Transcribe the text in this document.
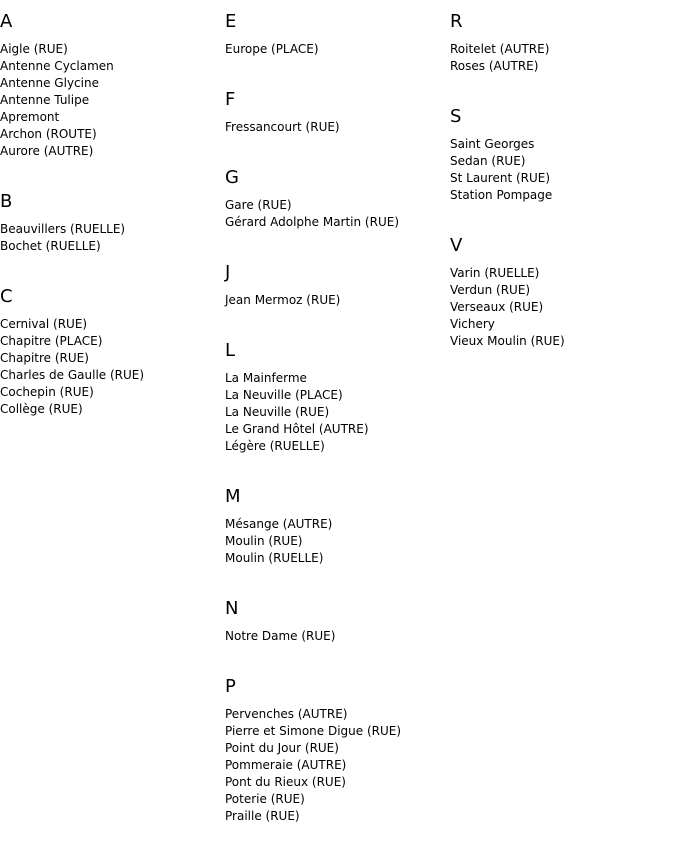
A
Aigle (RUE)
Antenne Cyclamen
Antenne Glycine
Antenne Tulipe
Apremont
Archon (ROUTE)
Aurore (AUTRE)
B
Beauvillers (RUELLE)
Bochet (RUELLE)
C
Cernival (RUE)
Chapitre (PLACE)
Chapitre (RUE)
Charles de Gaulle (RUE)
Cochepin (RUE)
Collège (RUE)
E
Europe (PLACE)
F
Fressancourt (RUE)
G
Gare (RUE)
Gérard Adolphe Martin (RUE)
J
Jean Mermoz (RUE)
L
La Mainferme
La Neuville (PLACE)
La Neuville (RUE)
Le Grand Hôtel (AUTRE)
Légère (RUELLE)
M
Mésange (AUTRE)
Moulin (RUE)
Moulin (RUELLE)
N
Notre Dame (RUE)
P
Pervenches (AUTRE)
Pierre et Simone Digue (RUE)
Point du Jour (RUE)
Pommeraie (AUTRE)
Pont du Rieux (RUE)
Poterie (RUE)
Praille (RUE)
R
Roitelet (AUTRE)
Roses (AUTRE)
S
Saint Georges
Sedan (RUE)
St Laurent (RUE)
Station Pompage
V
Varin (RUELLE)
Verdun (RUE)
Verseaux (RUE)
Vichery
Vieux Moulin (RUE)
